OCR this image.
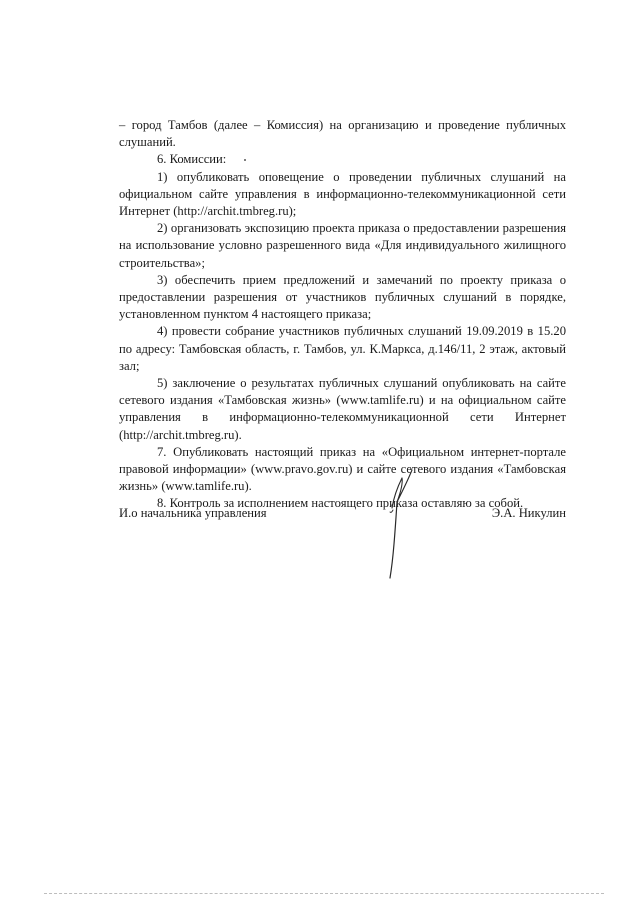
– город Тамбов (далее – Комиссия) на организацию и проведение публичных слушаний.

6. Комиссии:

1) опубликовать оповещение о проведении публичных слушаний на официальном сайте управления в информационно-телекоммуникационной сети Интернет (http://archit.tmbreg.ru);

2) организовать экспозицию проекта приказа о предоставлении разрешения на использование условно разрешенного вида «Для индивидуального жилищного строительства»;

3) обеспечить прием предложений и замечаний по проекту приказа о предоставлении разрешения от участников публичных слушаний в порядке, установленном пунктом 4 настоящего приказа;

4) провести собрание участников публичных слушаний 19.09.2019 в 15.20 по адресу: Тамбовская область, г. Тамбов, ул. К.Маркса, д.146/11, 2 этаж, актовый зал;

5) заключение о результатах публичных слушаний опубликовать на сайте сетевого издания «Тамбовская жизнь» (www.tamlife.ru) и на официальном сайте управления в информационно-телекоммуникационной сети Интернет (http://archit.tmbreg.ru).

7. Опубликовать настоящий приказ на «Официальном интернет-портале правовой информации» (www.pravo.gov.ru) и сайте сетевого издания «Тамбовская жизнь» (www.tamlife.ru).

8. Контроль за исполнением настоящего приказа оставляю за собой.

И.о начальника управления	Э.А. Никулин
